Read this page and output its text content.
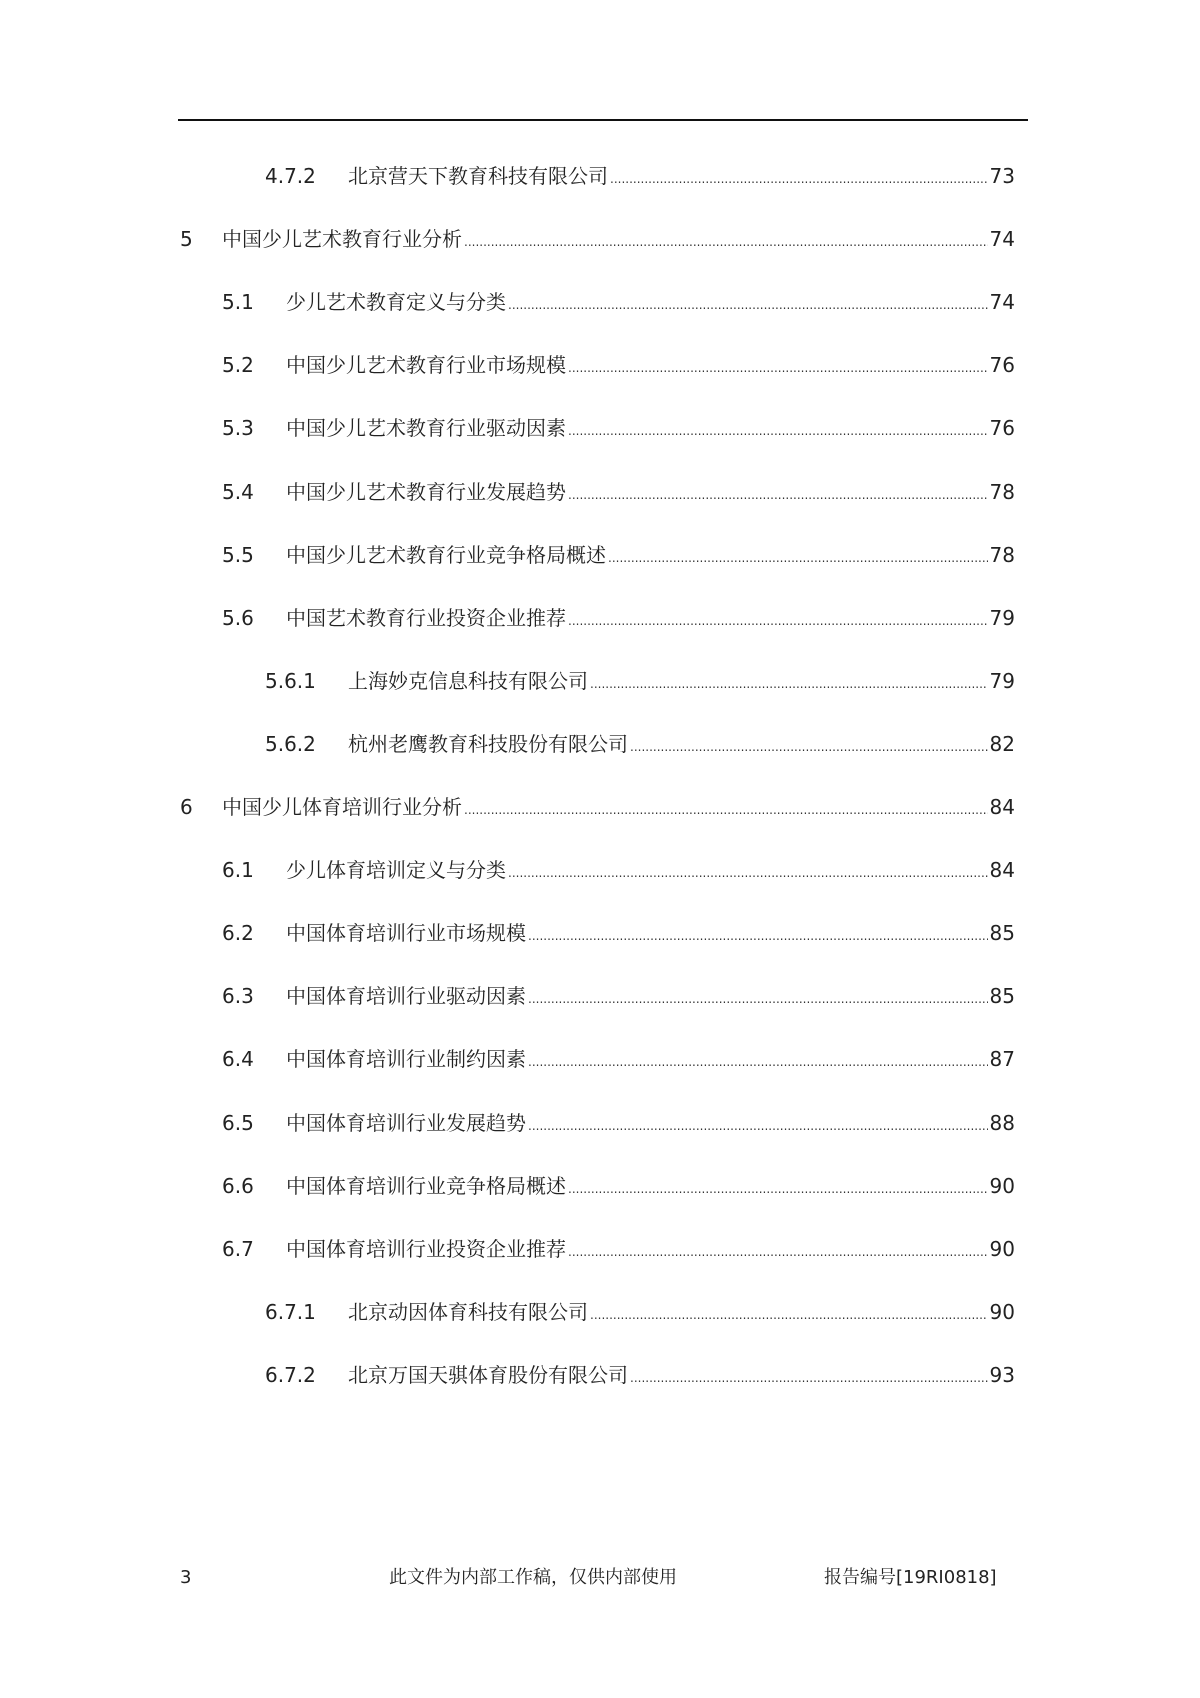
4.7.2 北京营天下教育科技有限公司 .....	73
5 中国少儿艺术教育行业分析 .....	74
5.1 少儿艺术教育定义与分类 .....	74
5.2 中国少儿艺术教育行业市场规模 .....	76
5.3 中国少儿艺术教育行业驱动因素 .....	76
5.4 中国少儿艺术教育行业发展趋势 .....	78
5.5 中国少儿艺术教育行业竞争格局概述 .....	78
5.6 中国艺术教育行业投资企业推荐 .....	79
5.6.1 上海妙克信息科技有限公司 .....	79
5.6.2 杭州老鹰教育科技股份有限公司 .....	82
6 中国少儿体育培训行业分析 .....	84
6.1 少儿体育培训定义与分类 .....	84
6.2 中国体育培训行业市场规模 .....	85
6.3 中国体育培训行业驱动因素 .....	85
6.4 中国体育培训行业制约因素 .....	87
6.5 中国体育培训行业发展趋势 .....	88
6.6 中国体育培训行业竞争格局概述 .....	90
6.7 中国体育培训行业投资企业推荐 .....	90
6.7.1 北京动因体育科技有限公司 .....	90
6.7.2 北京万国天骐体育股份有限公司 .....	93
3	此文件为内部工作稿，仅供内部使用	报告编号[19RI0818]
